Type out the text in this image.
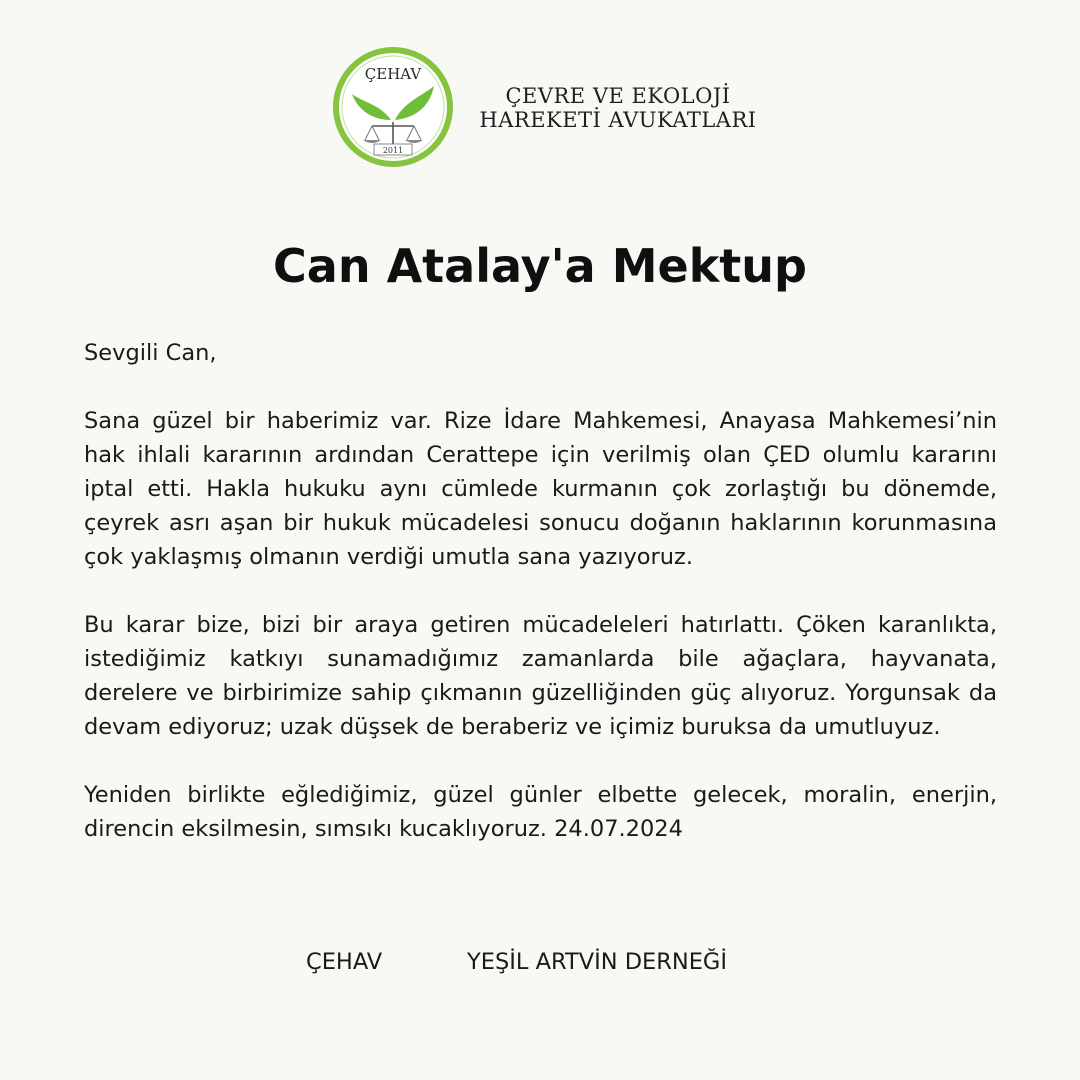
ÇEHAV
2011
ÇEVRE VE EKOLOJİ
HAREKETİ AVUKATLARI
Can Atalay'a Mektup

Sevgili Can,

Sana güzel bir haberimiz var. Rize İdare Mahkemesi, Anayasa Mahkemesi’nin hak ihlali kararının ardından Cerattepe için verilmiş olan ÇED olumlu kararını iptal etti. Hakla hukuku aynı cümlede kurmanın çok zorlaştığı bu dönemde, çeyrek asrı aşan bir hukuk mücadelesi sonucu doğanın haklarının korunmasına çok yaklaşmış olmanın verdiği umutla sana yazıyoruz.

Bu karar bize, bizi bir araya getiren mücadeleleri hatırlattı. Çöken karanlıkta, istediğimiz katkıyı sunamadığımız zamanlarda bile ağaçlara, hayvanata, derelere ve birbirimize sahip çıkmanın güzelliğinden güç alıyoruz. Yorgunsak da devam ediyoruz; uzak düşsek de beraberiz ve içimiz buruksa da umutluyuz.

Yeniden birlikte eğlediğimiz, güzel günler elbette gelecek, moralin, enerjin, direncin eksilmesin, sımsıkı kucaklıyoruz. 24.07.2024

ÇEHAV	YEŞİL ARTVİN DERNEĞİ
